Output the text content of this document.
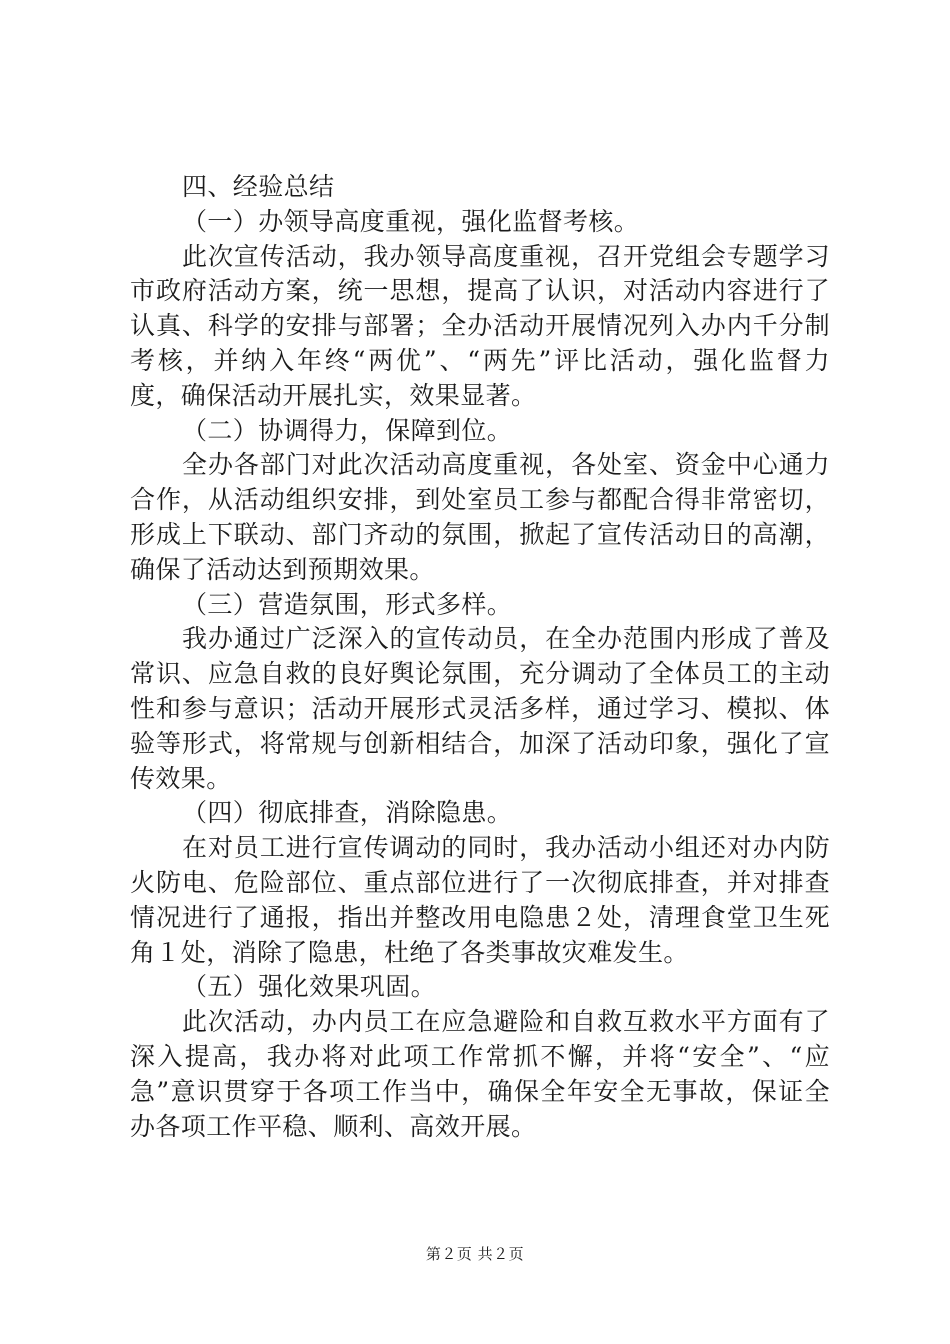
四、经验总结
（一）办领导高度重视，强化监督考核。
此次宣传活动，我办领导高度重视，召开党组会专题学习
市政府活动方案，统一思想，提高了认识，对活动内容进行了
认真、科学的安排与部署；全办活动开展情况列入办内千分制
考核，并纳入年终“两优”、“两先”评比活动，强化监督力
度，确保活动开展扎实，效果显著。
（二）协调得力，保障到位。
全办各部门对此次活动高度重视，各处室、资金中心通力
合作，从活动组织安排，到处室员工参与都配合得非常密切，
形成上下联动、部门齐动的氛围，掀起了宣传活动日的高潮，
确保了活动达到预期效果。
（三）营造氛围，形式多样。
我办通过广泛深入的宣传动员，在全办范围内形成了普及
常识、应急自救的良好舆论氛围，充分调动了全体员工的主动
性和参与意识；活动开展形式灵活多样，通过学习、模拟、体
验等形式，将常规与创新相结合，加深了活动印象，强化了宣
传效果。
（四）彻底排查，消除隐患。
在对员工进行宣传调动的同时，我办活动小组还对办内防
火防电、危险部位、重点部位进行了一次彻底排查，并对排查
情况进行了通报，指出并整改用电隐患２处，清理食堂卫生死
角１处，消除了隐患，杜绝了各类事故灾难发生。
（五）强化效果巩固。
此次活动，办内员工在应急避险和自救互救水平方面有了
深入提高，我办将对此项工作常抓不懈，并将“安全”、“应
急”意识贯穿于各项工作当中，确保全年安全无事故，保证全
办各项工作平稳、顺利、高效开展。
第２页 共２页
